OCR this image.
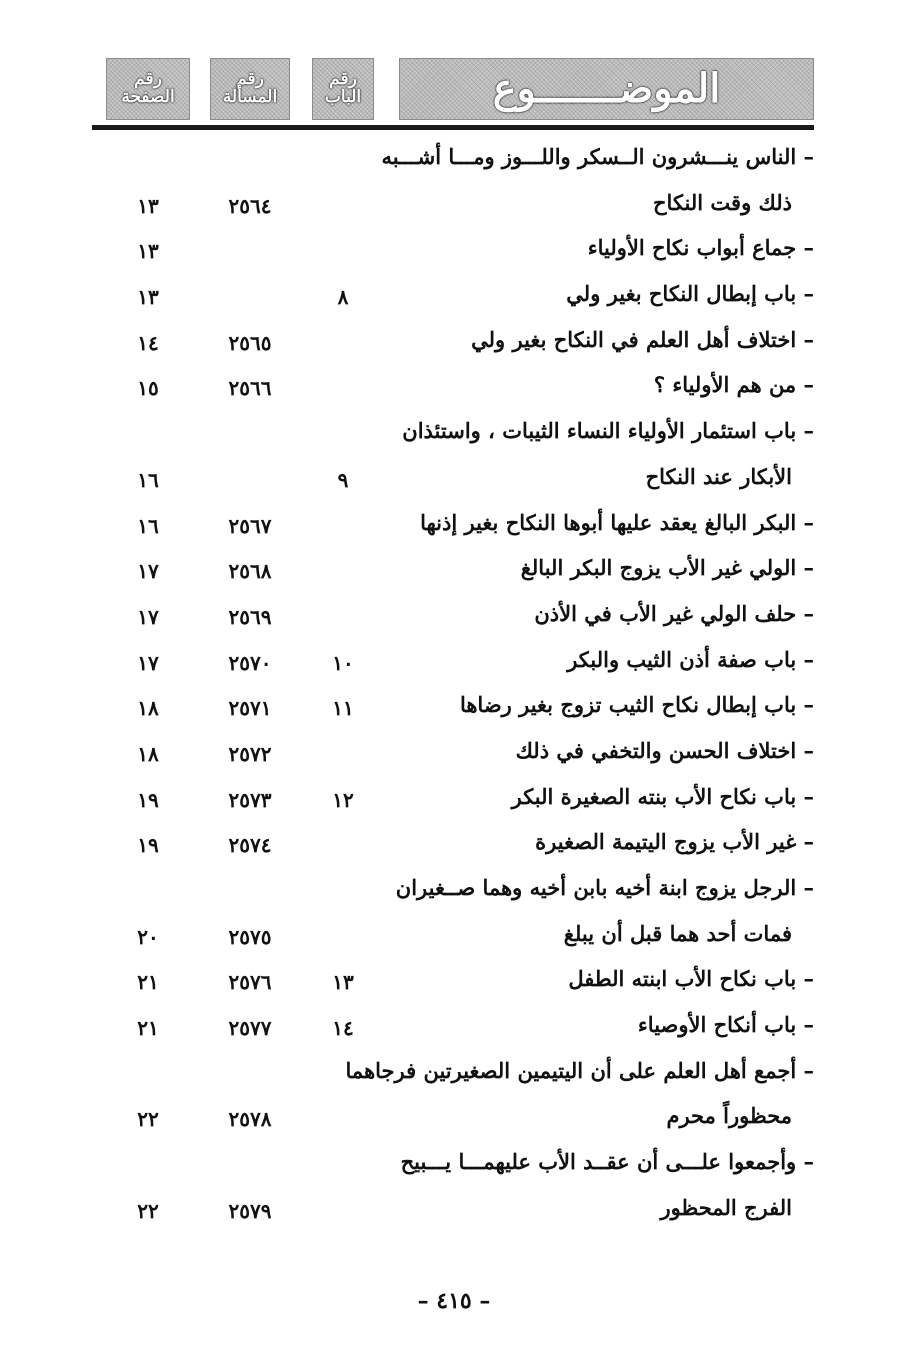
الموضـــــــوع
رقم
الباب
رقم
المسألة
رقم
الصفحة
– الناس ينـــشرون الــسكر واللـــوز ومـــا أشـــبه
ذلك وقت النكاح
٢٥٦٤
١٣
– جماع أبواب نكاح الأولياء
١٣
– باب إبطال النكاح بغير ولي
٨
١٣
– اختلاف أهل العلم في النكاح بغير ولي
٢٥٦٥
١٤
– من هم الأولياء ؟
٢٥٦٦
١٥
– باب استئمار الأولياء النساء الثيبات ، واستئذان
الأبكار عند النكاح
٩
١٦
– البكر البالغ يعقد عليها أبوها النكاح بغير إذنها
٢٥٦٧
١٦
– الولي غير الأب يزوج البكر البالغ
٢٥٦٨
١٧
– حلف الولي غير الأب في الأذن
٢٥٦٩
١٧
– باب صفة أذن الثيب والبكر
١٠
٢٥٧٠
١٧
– باب إبطال نكاح الثيب تزوج بغير رضاها
١١
٢٥٧١
١٨
– اختلاف الحسن والتخفي في ذلك
٢٥٧٢
١٨
– باب نكاح الأب بنته الصغيرة البكر
١٢
٢٥٧٣
١٩
– غير الأب يزوج اليتيمة الصغيرة
٢٥٧٤
١٩
– الرجل يزوج ابنة أخيه بابن أخيه وهما صــغيران
فمات أحد هما قبل أن يبلغ
٢٥٧٥
٢٠
– باب نكاح الأب ابنته الطفل
١٣
٢٥٧٦
٢١
– باب أنكاح الأوصياء
١٤
٢٥٧٧
٢١
– أجمع أهل العلم على أن اليتيمين الصغيرتين فرجاهما
محظوراً محرم
٢٥٧٨
٢٢
– وأجمعوا علـــى أن عقــد الأب عليهمـــا يـــبيح
الفرج المحظور
٢٥٧٩
٢٢
– ٤١٥ –
